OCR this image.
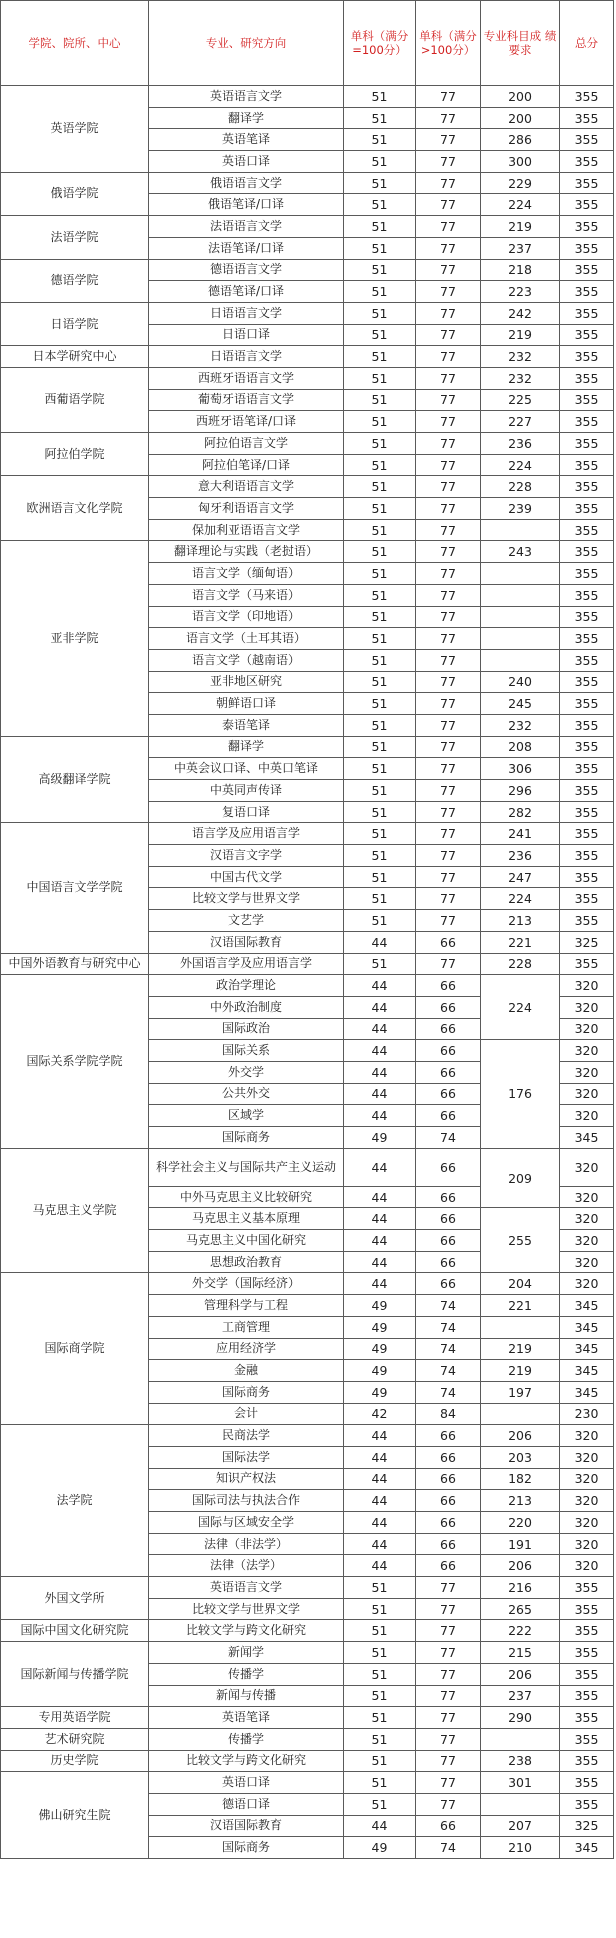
学院、院所、中心	专业、研究方向	单科（满分=100分）	单科（满分>100分）	专业科目成 绩要求	总分
英语学院	英语语言文学	51	77	200	355
	翻译学	51	77	200	355
	英语笔译	51	77	286	355
	英语口译	51	77	300	355
俄语学院	俄语语言文学	51	77	229	355
	俄语笔译/口译	51	77	224	355
法语学院	法语语言文学	51	77	219	355
	法语笔译/口译	51	77	237	355
德语学院	德语语言文学	51	77	218	355
	德语笔译/口译	51	77	223	355
日语学院	日语语言文学	51	77	242	355
	日语口译	51	77	219	355
日本学研究中心	日语语言文学	51	77	232	355
西葡语学院	西班牙语语言文学	51	77	232	355
	葡萄牙语语言文学	51	77	225	355
	西班牙语笔译/口译	51	77	227	355
阿拉伯学院	阿拉伯语言文学	51	77	236	355
	阿拉伯笔译/口译	51	77	224	355
欧洲语言文化学院	意大利语语言文学	51	77	228	355
	匈牙利语语言文学	51	77	239	355
	保加利亚语语言文学	51	77		355
亚非学院	翻译理论与实践（老挝语）	51	77	243	355
	语言文学（缅甸语）	51	77		355
	语言文学（马来语）	51	77		355
	语言文学（印地语）	51	77		355
	语言文学（土耳其语）	51	77		355
	语言文学（越南语）	51	77		355
	亚非地区研究	51	77	240	355
	朝鲜语口译	51	77	245	355
	泰语笔译	51	77	232	355
高级翻译学院	翻译学	51	77	208	355
	中英会议口译、中英口笔译	51	77	306	355
	中英同声传译	51	77	296	355
	复语口译	51	77	282	355
中国语言文学学院	语言学及应用语言学	51	77	241	355
	汉语言文字学	51	77	236	355
	中国古代文学	51	77	247	355
	比较文学与世界文学	51	77	224	355
	文艺学	51	77	213	355
	汉语国际教育	44	66	221	325
中国外语教育与研究中心	外国语言学及应用语言学	51	77	228	355
国际关系学院学院	政治学理论	44	66	224	320
	中外政治制度	44	66		320
	国际政治	44	66		320
	国际关系	44	66	176	320
	外交学	44	66		320
	公共外交	44	66		320
	区域学	44	66		320
	国际商务	49	74		345
马克思主义学院	科学社会主义与国际共产主义运动	44	66	209	320
	中外马克思主义比较研究	44	66		320
	马克思主义基本原理	44	66	255	320
	马克思主义中国化研究	44	66		320
	思想政治教育	44	66		320
国际商学院	外交学（国际经济）	44	66	204	320
	管理科学与工程	49	74	221	345
	工商管理	49	74		345
	应用经济学	49	74	219	345
	金融	49	74	219	345
	国际商务	49	74	197	345
	会计	42	84		230
法学院	民商法学	44	66	206	320
	国际法学	44	66	203	320
	知识产权法	44	66	182	320
	国际司法与执法合作	44	66	213	320
	国际与区域安全学	44	66	220	320
	法律（非法学）	44	66	191	320
	法律（法学）	44	66	206	320
外国文学所	英语语言文学	51	77	216	355
	比较文学与世界文学	51	77	265	355
国际中国文化研究院	比较文学与跨文化研究	51	77	222	355
国际新闻与传播学院	新闻学	51	77	215	355
	传播学	51	77	206	355
	新闻与传播	51	77	237	355
专用英语学院	英语笔译	51	77	290	355
艺术研究院	传播学	51	77		355
历史学院	比较文学与跨文化研究	51	77	238	355
佛山研究生院	英语口译	51	77	301	355
	德语口译	51	77		355
	汉语国际教育	44	66	207	325
	国际商务	49	74	210	345
